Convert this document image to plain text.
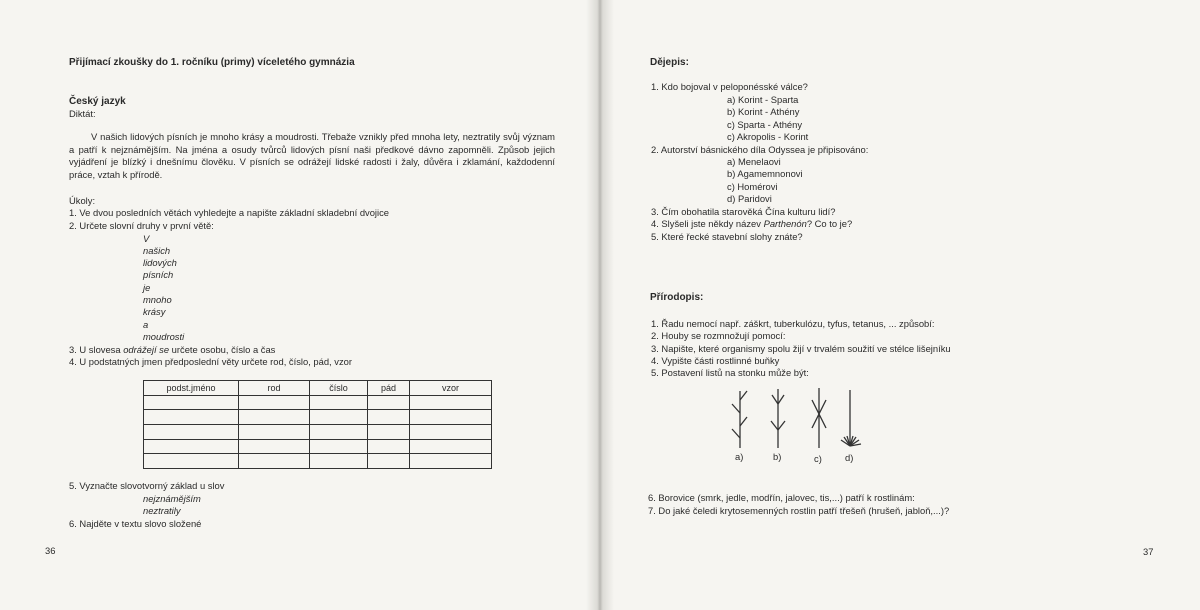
Přijímací zkoušky do 1. ročníku (primy) víceletého gymnázia
Český jazyk
Diktát:
V našich lidových písních je mnoho krásy a moudrosti. Třebaže vznikly před mnoha lety, neztratily svůj význam a patří k nejznámějším. Na jména a osudy tvůrců lidových písní naši předkové dávno zapomněli. Způsob jejich vyjádření je blízký i dnešnímu člověku. V písních se odrážejí lidské radosti i žaly, důvěra i zklamání, každodenní práce, vztah k přírodě.
Úkoly:
1. Ve dvou posledních větách vyhledejte a napište základní skladební dvojice
2. Určete slovní druhy v první větě:
V
našich
lidových
písních
je
mnoho
krásy
a
moudrosti
3. U slovesa odrážejí se určete osobu, číslo a čas
4. U podstatných jmen předposlední věty určete rod, číslo, pád, vzor
podst.jméno	rod	číslo	pád	vzor

5. Vyznačte slovotvorný základ u slov
nejznámějším
neztratily
6. Najděte v textu slovo složené
36
Dějepis:
1. Kdo bojoval v peloponésské válce?
a) Korint - Sparta
b) Korint - Athény
c) Sparta - Athény
c) Akropolis - Korint
2. Autorství básnického díla Odyssea je připisováno:
a) Menelaovi
b) Agamemnonovi
c) Homérovi
d) Paridovi
3. Čím obohatila starověká Čína kulturu lidí?
4. Slyšeli jste někdy název Parthenón? Co to je?
5. Které řecké stavební slohy znáte?
Přírodopis:
1. Řadu nemocí např. záškrt, tuberkulózu, tyfus, tetanus, ... způsobí:
2. Houby se rozmnožují pomocí:
3. Napište, které organismy spolu žijí v trvalém soužití ve stélce lišejníku
4. Vypište části rostlinné buňky
5. Postavení listů na stonku může být:
a)	b)	c) d)
6. Borovice (smrk, jedle, modřín, jalovec, tis,...) patří k rostlinám:
7. Do jaké čeledi krytosemenných rostlin patří třešeň (hrušeň, jabloň,...)?
37
